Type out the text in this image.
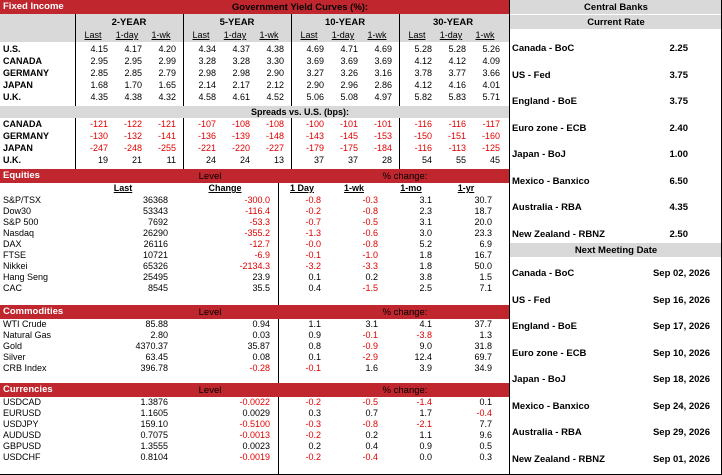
Fixed Income	Government Yield Curves (%):
2-YEAR
Last	1-day	1-wk
5-YEAR
Last	1-day	1-wk
10-YEAR
Last	1-day	1-wk
30-YEAR
Last	1-day	1-wk
U.S.	4.15	4.17	4.20	4.34	4.37	4.38	4.69	4.71	4.69	5.28	5.28	5.26
CANADA	2.95	2.95	2.99	3.28	3.28	3.30	3.69	3.69	3.69	4.12	4.12	4.09
GERMANY	2.85	2.85	2.79	2.98	2.98	2.90	3.27	3.26	3.16	3.78	3.77	3.66
JAPAN	1.68	1.70	1.65	2.14	2.17	2.12	2.90	2.96	2.86	4.12	4.16	4.01
U.K.	4.35	4.38	4.32	4.58	4.61	4.52	5.06	5.08	4.97	5.82	5.83	5.71
Spreads vs. U.S. (bps):
CANADA	-121	-122	-121	-107	-108	-108	-100	-101	-101	-116	-116	-117
GERMANY	-130	-132	-141	-136	-139	-148	-143	-145	-153	-150	-151	-160
JAPAN	-247	-248	-255	-221	-220	-227	-179	-175	-184	-116	-113	-125
U.K.	19	21	11	24	24	13	37	37	28	54	55	45
Equities	Level	% change:
Last	Change	1 Day	1-wk	1-mo	1-yr
S&P/TSX	36368	-300.0	-0.8	-0.3	3.1	30.7
Dow30	53343	-116.4	-0.2	-0.8	2.3	18.7
S&P 500	7692	-53.3	-0.7	-0.5	3.1	20.0
Nasdaq	26290	-355.2	-1.3	-0.6	3.0	23.3
DAX	26116	-12.7	-0.0	-0.8	5.2	6.9
FTSE	10721	-6.9	-0.1	-1.0	1.8	16.7
Nikkei	65326	-2134.3	-3.2	-3.3	1.8	50.0
Hang Seng	25495	23.9	0.1	0.2	3.8	1.5
CAC	8545	35.5	0.4	-1.5	2.5	7.1
Commodities	Level	% change:
WTI Crude	85.88	0.94	1.1	3.1	4.1	37.7
Natural Gas	2.80	0.03	0.9	-0.1	-3.8	1.3
Gold	4370.37	35.87	0.8	-0.9	9.0	31.8
Silver	63.45	0.08	0.1	-2.9	12.4	69.7
CRB Index	396.78	-0.28	-0.1	1.6	3.9	34.9
Currencies	Level	% change:
USDCAD	1.3876	-0.0022	-0.2	-0.5	-1.4	0.1
EURUSD	1.1605	0.0029	0.3	0.7	1.7	-0.4
USDJPY	159.10	-0.5100	-0.3	-0.8	-2.1	7.7
AUDUSD	0.7075	-0.0013	-0.2	0.2	1.1	9.6
GBPUSD	1.3555	0.0023	0.2	0.4	0.9	0.5
USDCHF	0.8104	-0.0019	-0.2	-0.4	0.0	0.3
Central Banks
Current Rate
Canada - BoC	2.25
US - Fed	3.75
England - BoE	3.75
Euro zone - ECB	2.40
Japan - BoJ	1.00
Mexico - Banxico	6.50
Australia - RBA	4.35
New Zealand - RBNZ	2.50
Next Meeting Date
Canada - BoC	Sep 02, 2026
US - Fed	Sep 16, 2026
England - BoE	Sep 17, 2026
Euro zone - ECB	Sep 10, 2026
Japan - BoJ	Sep 18, 2026
Mexico - Banxico	Sep 24, 2026
Australia - RBA	Sep 29, 2026
New Zealand - RBNZ	Sep 01, 2026
